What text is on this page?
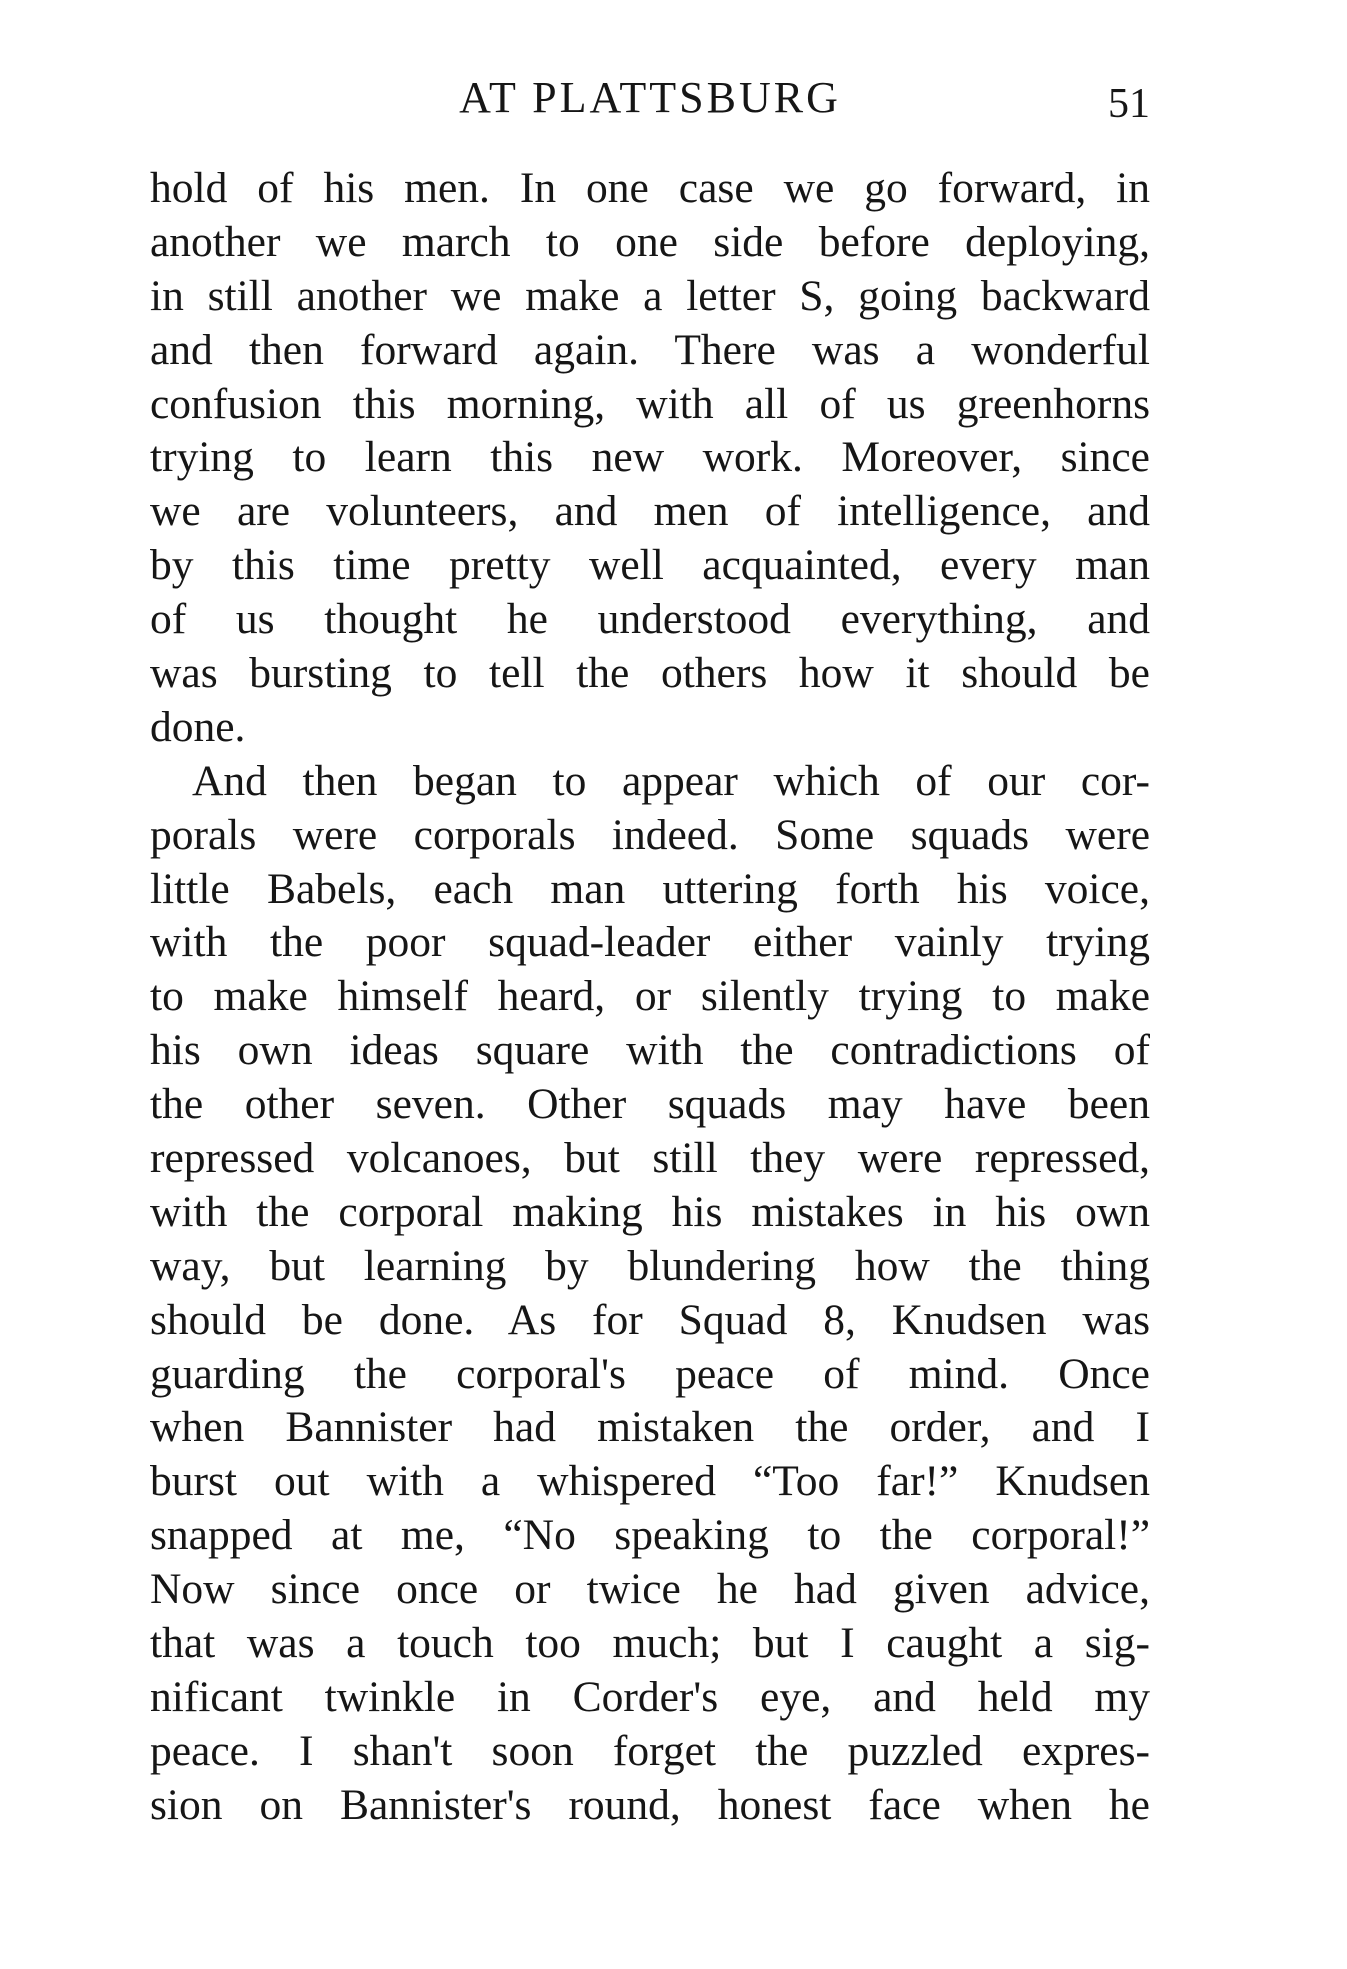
AT PLATTSBURG	51
hold of his men. In one case we go forward, in
another we march to one side before deploying,
in still another we make a letter S, going backward
and then forward again. There was a wonderful
confusion this morning, with all of us greenhorns
trying to learn this new work. Moreover, since
we are volunteers, and men of intelligence, and
by this time pretty well acquainted, every man
of us thought he understood everything, and
was bursting to tell the others how it should be
done.
And then began to appear which of our cor-
porals were corporals indeed. Some squads were
little Babels, each man uttering forth his voice,
with the poor squad-leader either vainly trying
to make himself heard, or silently trying to make
his own ideas square with the contradictions of
the other seven. Other squads may have been
repressed volcanoes, but still they were repressed,
with the corporal making his mistakes in his own
way, but learning by blundering how the thing
should be done. As for Squad 8, Knudsen was
guarding the corporal's peace of mind. Once
when Bannister had mistaken the order, and I
burst out with a whispered “Too far!” Knudsen
snapped at me, “No speaking to the corporal!”
Now since once or twice he had given advice,
that was a touch too much; but I caught a sig-
nificant twinkle in Corder's eye, and held my
peace. I shan't soon forget the puzzled expres-
sion on Bannister's round, honest face when he
